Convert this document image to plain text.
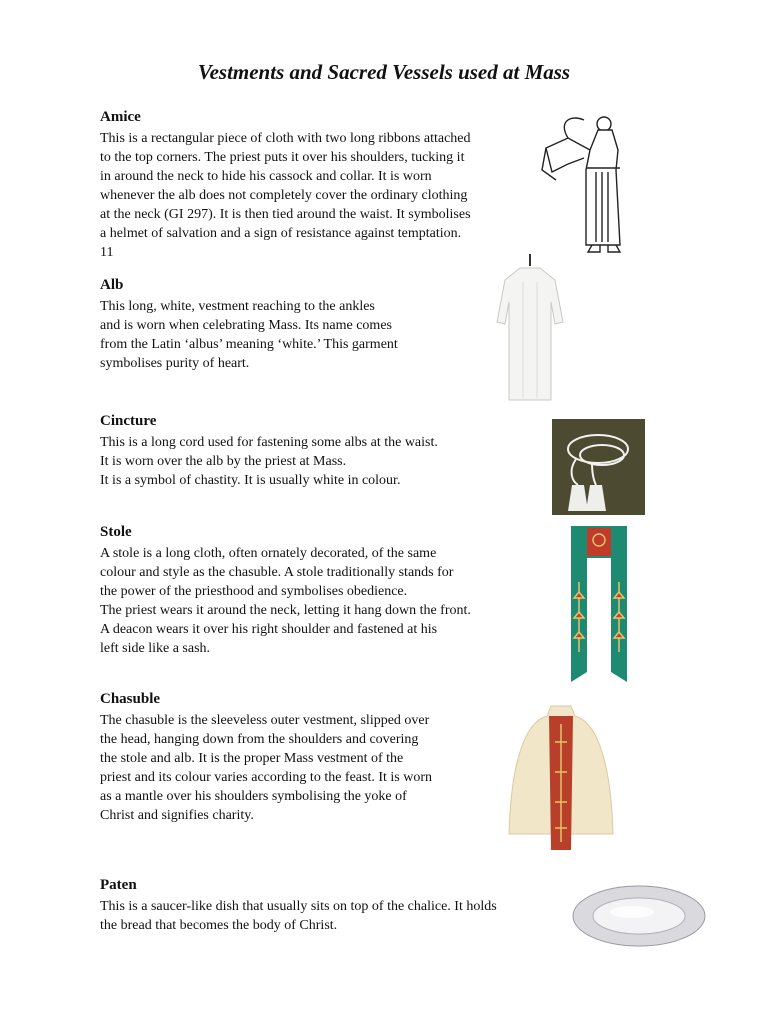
Vestments and Sacred Vessels used at Mass
Amice

This is a rectangular piece of cloth with two long ribbons attached
to the top corners. The priest puts it over his shoulders, tucking it
in around the neck to hide his cassock and collar. It is worn
whenever the alb does not completely cover the ordinary clothing
at the neck (GI 297). It is then tied around the waist. It symbolises
a helmet of salvation and a sign of resistance against temptation.
11

Alb

This long, white, vestment reaching to the ankles
and is worn when celebrating Mass. Its name comes
from the Latin ‘albus’ meaning ‘white.’ This garment
symbolises purity of heart.

Cincture

This is a long cord used for fastening some albs at the waist.
It is worn over the alb by the priest at Mass.
It is a symbol of chastity. It is usually white in colour.

Stole

A stole is a long cloth, often ornately decorated, of the same
colour and style as the chasuble. A stole traditionally stands for
the power of the priesthood and symbolises obedience.
The priest wears it around the neck, letting it hang down the front.
A deacon wears it over his right shoulder and fastened at his
left side like a sash.

Chasuble

The chasuble is the sleeveless outer vestment, slipped over
the head, hanging down from the shoulders and covering
the stole and alb. It is the proper Mass vestment of the
priest and its colour varies according to the feast. It is worn
as a mantle over his shoulders symbolising the yoke of
Christ and signifies charity.

Paten

This is a saucer-like dish that usually sits on top of the chalice. It holds
the bread that becomes the body of Christ.
